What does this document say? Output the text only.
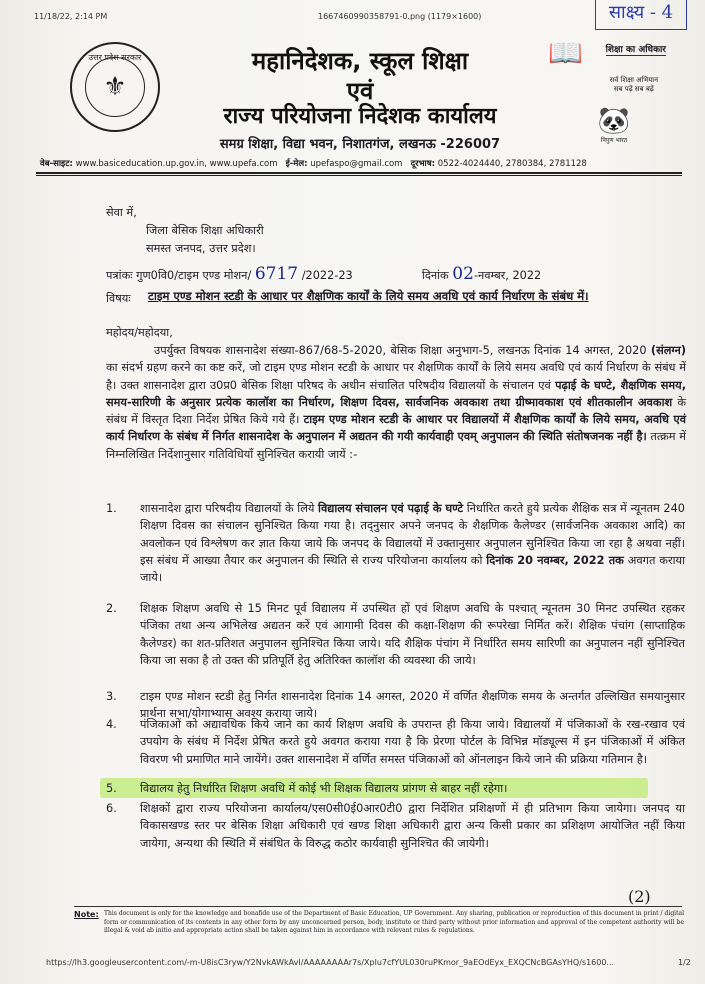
11/18/22, 2:14 PM	1667460990358791-0.png (1179×1600)	साक्ष्य - 4
उत्तर प्रदेश सरकार
⚜
महानिदेशक, स्कूल शिक्षा
एवं
राज्य परियोजना निदेशक कार्यालय
समग्र शिक्षा, विद्या भवन, निशातगंज, लखनऊ -226007
📖	शिक्षा का अधिकार
सर्व शिक्षा अभियान
सब पढ़ें सब बढ़ें
🐼
निपुण भारत
वेब-साइट: www.basiceducation.up.gov.in, www.upefa.com ई-मेल: upefaspo@gmail.com दूरभाष: 0522-4024440, 2780384, 2781128
सेवा में,
जिला बेसिक शिक्षा अधिकारी
समस्त जनपद, उत्तर प्रदेश।
पत्रांकः गुण0वि0/टाइम एण्ड मोशन/ 6717 /2022-23	दिनांक 02-नवम्बर, 2022
विषयः टाइम एण्ड मोशन स्टडी के आधार पर शैक्षणिक कार्यों के लिये समय अवधि एवं कार्य निर्धारण के संबंध में।
महोदय/महोदया,
उपर्युक्त विषयक शासनादेश संख्या-867/68-5-2020, बेसिक शिक्षा अनुभाग-5, लखनऊ दिनांक 14 अगस्त, 2020 (संलग्न) का संदर्भ ग्रहण करने का कष्ट करें, जो टाइम एण्ड मोशन स्टडी के आधार पर शैक्षणिक कार्यों के लिये समय अवधि एवं कार्य निर्धारण के संबंध में है। उक्त शासनादेश द्वारा उ0प्र0 बेसिक शिक्षा परिषद के अधीन संचालित परिषदीय विद्यालयों के संचालन एवं पढ़ाई के घण्टे, शैक्षणिक समय, समय-सारिणी के अनुसार प्रत्येक कालॉश का निर्धारण, शिक्षण दिवस, सार्वजनिक अवकाश तथा ग्रीष्मावकाश एवं शीतकालीन अवकाश के संबंध में विस्तृत दिशा निर्देश प्रेषित किये गये हैं। टाइम एण्ड मोशन स्टडी के आधार पर विद्यालयों में शैक्षणिक कार्यों के लिये समय, अवधि एवं कार्य निर्धारण के संबंध में निर्गत शासनादेश के अनुपालन में अद्यतन की गयी कार्यवाही एवम् अनुपालन की स्थिति संतोषजनक नहीं है। तत्क्रम में निम्नलिखित निर्देशानुसार गतिविधियाँ सुनिश्चित करायी जायें :-
1. शासनादेश द्वारा परिषदीय विद्यालयों के लिये विद्यालय संचालन एवं पढ़ाई के घण्टे निर्धारित करते हुये प्रत्येक शैक्षिक सत्र में न्यूनतम 240 शिक्षण दिवस का संचालन सुनिश्चित किया गया है। तद्नुसार अपने जनपद के शैक्षणिक कैलेण्डर (सार्वजनिक अवकाश आदि) का अवलोकन एवं विश्लेषण कर ज्ञात किया जाये कि जनपद के विद्यालयों में उक्तानुसार अनुपालन सुनिश्चित किया जा रहा है अथवा नहीं। इस संबंध में आख्या तैयार कर अनुपालन की स्थिति से राज्य परियोजना कार्यालय को दिनांक 20 नवम्बर, 2022 तक अवगत कराया जाये।
2. शिक्षक शिक्षण अवधि से 15 मिनट पूर्व विद्यालय में उपस्थित हों एवं शिक्षण अवधि के पश्चात् न्यूनतम 30 मिनट उपस्थित रहकर पंजिका तथा अन्य अभिलेख अद्यतन करें एवं आगामी दिवस की कक्षा-शिक्षण की रूपरेखा निर्मित करें। शैक्षिक पंचांग (साप्ताहिक कैलेण्डर) का शत-प्रतिशत अनुपालन सुनिश्चित किया जाये। यदि शैक्षिक पंचांग में निर्धारित समय सारिणी का अनुपालन नहीं सुनिश्चित किया जा सका है तो उक्त की प्रतिपूर्ति हेतु अतिरिक्त कालॉश की व्यवस्था की जाये।
3. टाइम एण्ड मोशन स्टडी हेतु निर्गत शासनादेश दिनांक 14 अगस्त, 2020 में वर्णित शैक्षणिक समय के अन्तर्गत उल्लिखित समयानुसार प्रार्थना सभा/योगाभ्यास अवश्य कराया जाये।
4. पंजिकाओं को अद्यावधिक किये जाने का कार्य शिक्षण अवधि के उपरान्त ही किया जाये। विद्यालयों में पंजिकाओं के रख-रखाव एवं उपयोग के संबंध में निर्देश प्रेषित करते हुये अवगत कराया गया है कि प्रेरणा पोर्टल के विभिन्न मॉड्यूल्स में इन पंजिकाओं में अंकित विवरण भी प्रमाणित माने जायेंगे। उक्त शासनादेश में वर्णित समस्त पंजिकाओं को ऑनलाइन किये जाने की प्रक्रिया गतिमान है।
5. विद्यालय हेतु निर्धारित शिक्षण अवधि में कोई भी शिक्षक विद्यालय प्रांगण से बाहर नहीं रहेगा।
6. शिक्षकों द्वारा राज्य परियोजना कार्यालय/एस0सी0ई0आर0टी0 द्वारा निर्देशित प्रशिक्षणों में ही प्रतिभाग किया जायेगा। जनपद या विकासखण्ड स्तर पर बेसिक शिक्षा अधिकारी एवं खण्ड शिक्षा अधिकारी द्वारा अन्य किसी प्रकार का प्रशिक्षण आयोजित नहीं किया जायेगा, अन्यथा की स्थिति में संबंधित के विरुद्ध कठोर कार्यवाही सुनिश्चित की जायेगी।
(2)
Note: This document is only for the knowledge and bonafide use of the Department of Basic Education, UP Government. Any sharing, publication or reproduction of this document in print / digital form or communication of its contents in any other form by any unconcerned person, body, institute or third party without prior information and approval of the competent authority will be illegal & void ab initio and appropriate action shall be taken against him in accordance with relevant rules & regulations.
https://lh3.googleusercontent.com/-m-U8isC3ryw/Y2NvkAWkAvI/AAAAAAAAr7s/Xplu7cfYUL030ruPKmor_9aEOdEyx_EXQCNcBGAsYHQ/s1600...	1/2
